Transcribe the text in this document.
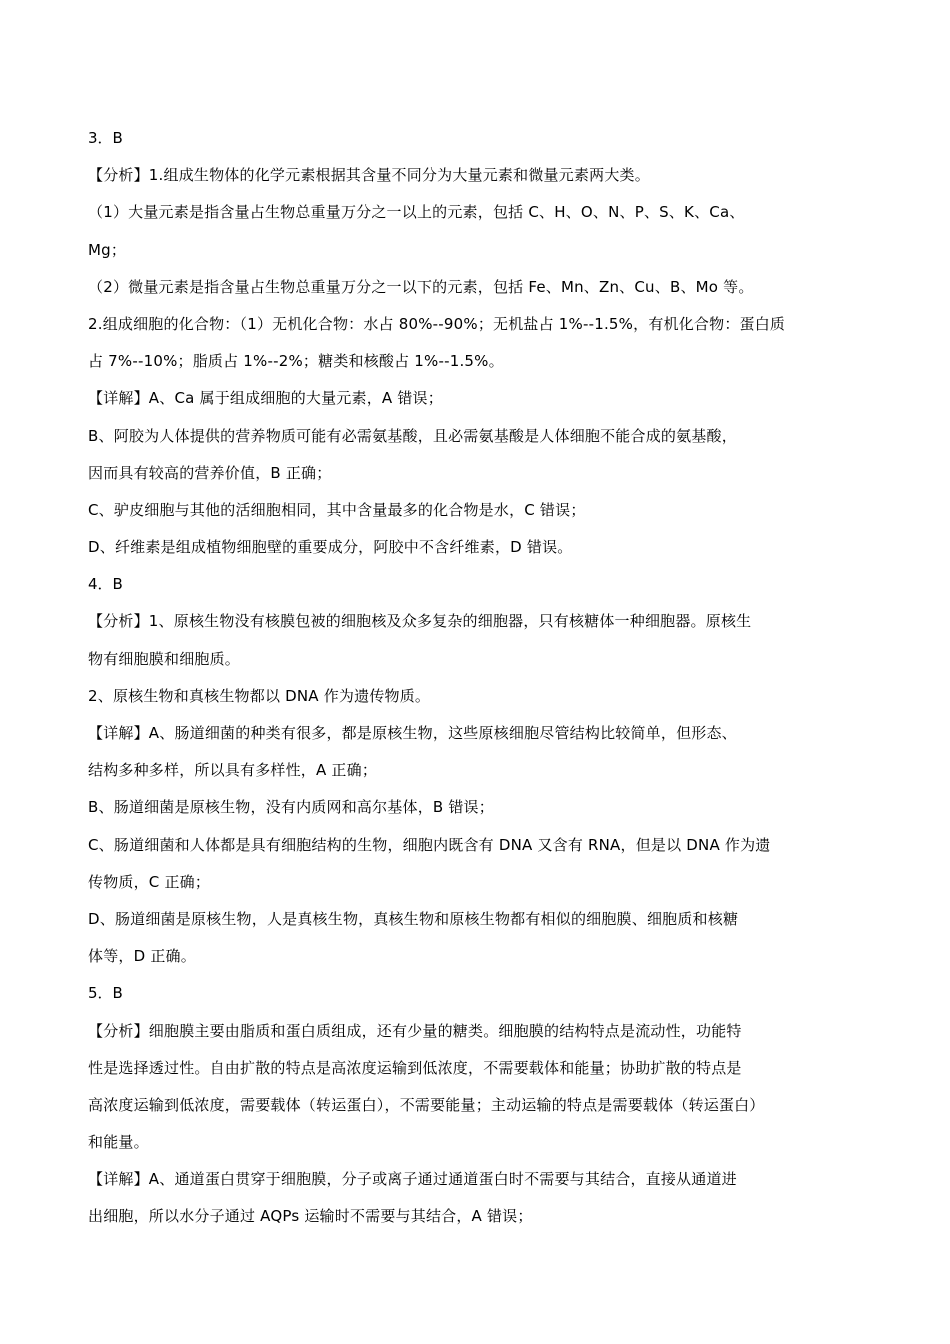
3．B
【分析】1.组成生物体的化学元素根据其含量不同分为大量元素和微量元素两大类。
（1）大量元素是指含量占生物总重量万分之一以上的元素，包括 C、H、O、N、P、S、K、Ca、
Mg；
（2）微量元素是指含量占生物总重量万分之一以下的元素，包括 Fe、Mn、Zn、Cu、B、Mo 等。
2.组成细胞的化合物：（1）无机化合物：水占 80%--90%；无机盐占 1%--1.5%，有机化合物：蛋白质
占 7%--10%；脂质占 1%--2%；糖类和核酸占 1%--1.5%。
【详解】A、Ca 属于组成细胞的大量元素，A 错误；
B、阿胶为人体提供的营养物质可能有必需氨基酸，且必需氨基酸是人体细胞不能合成的氨基酸，
因而具有较高的营养价值，B 正确；
C、驴皮细胞与其他的活细胞相同，其中含量最多的化合物是水，C 错误；
D、纤维素是组成植物细胞壁的重要成分，阿胶中不含纤维素，D 错误。
4．B
【分析】1、原核生物没有核膜包被的细胞核及众多复杂的细胞器，只有核糖体一种细胞器。原核生
物有细胞膜和细胞质。
2、原核生物和真核生物都以 DNA 作为遗传物质。
【详解】A、肠道细菌的种类有很多，都是原核生物，这些原核细胞尽管结构比较简单，但形态、
结构多种多样，所以具有多样性，A 正确；
B、肠道细菌是原核生物，没有内质网和高尔基体，B 错误；
C、肠道细菌和人体都是具有细胞结构的生物，细胞内既含有 DNA 又含有 RNA，但是以 DNA 作为遗
传物质，C 正确；
D、肠道细菌是原核生物，人是真核生物，真核生物和原核生物都有相似的细胞膜、细胞质和核糖
体等，D 正确。
5．B
【分析】细胞膜主要由脂质和蛋白质组成，还有少量的糖类。细胞膜的结构特点是流动性，功能特
性是选择透过性。自由扩散的特点是高浓度运输到低浓度，不需要载体和能量；协助扩散的特点是
高浓度运输到低浓度，需要载体（转运蛋白），不需要能量；主动运输的特点是需要载体（转运蛋白）
和能量。
【详解】A、通道蛋白贯穿于细胞膜，分子或离子通过通道蛋白时不需要与其结合，直接从通道进
出细胞，所以水分子通过 AQPs 运输时不需要与其结合，A 错误；
